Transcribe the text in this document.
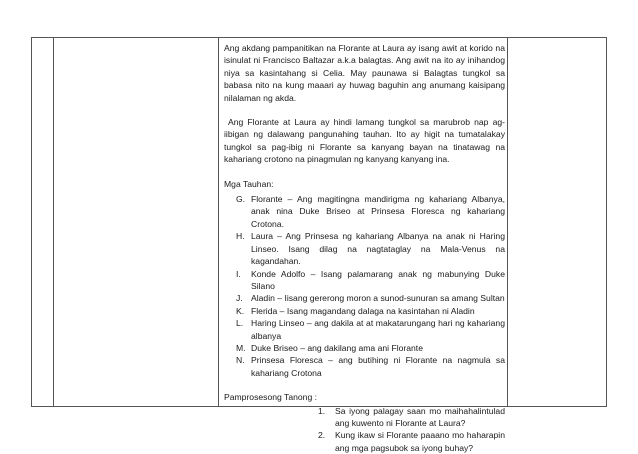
Ang akdang pampanitikan na Florante at Laura ay isang awit at korido na isinulat ni Francisco Baltazar a.k.a balagtas. Ang awit na ito ay inihandog niya sa kasintahang si Celia. May paunawa si Balagtas tungkol sa babasa nito na kung maaari ay huwag baguhin ang anumang kaisipang nilalaman ng akda.

Ang Florante at Laura ay hindi lamang tungkol sa marubrob nap ag-iibigan ng dalawang pangunahing tauhan. Ito ay higit na tumatalakay tungkol sa pag-ibig ni Florante sa kanyang bayan na tinatawag na kahariang crotono na pinagmulan ng kanyang kanyang ina.

Mga Tauhan:

G. Florante – Ang magitingna mandirigma ng kahariang Albanya, anak nina Duke Briseo at Prinsesa Floresca ng kahariang Crotona.
H. Laura – Ang Prinsesa ng kahariang Albanya na anak ni Haring Linseo. Isang dilag na nagtataglay na Mala-Venus na kagandahan.
I. Konde Adolfo – Isang palamarang anak ng mabunying Duke Silano
J. Aladin – Iisang gererong moron a sunod-sunuran sa amang Sultan
K. Flerida – Isang magandang dalaga na kasintahan ni Aladin
L. Haring Linseo – ang dakila at at makatarungang hari ng kahariang albanya
M. Duke Briseo – ang dakilang ama ani Florante
N. Prinsesa Floresca – ang butihing ni Florante na nagmula sa kahariang Crotona

Pamprosesong Tanong :

1. Sa iyong palagay saan mo maihahalintulad ang kuwento ni Florante at Laura?
2. Kung ikaw si Florante paaano mo haharapin ang mga pagsubok sa iyong buhay?
